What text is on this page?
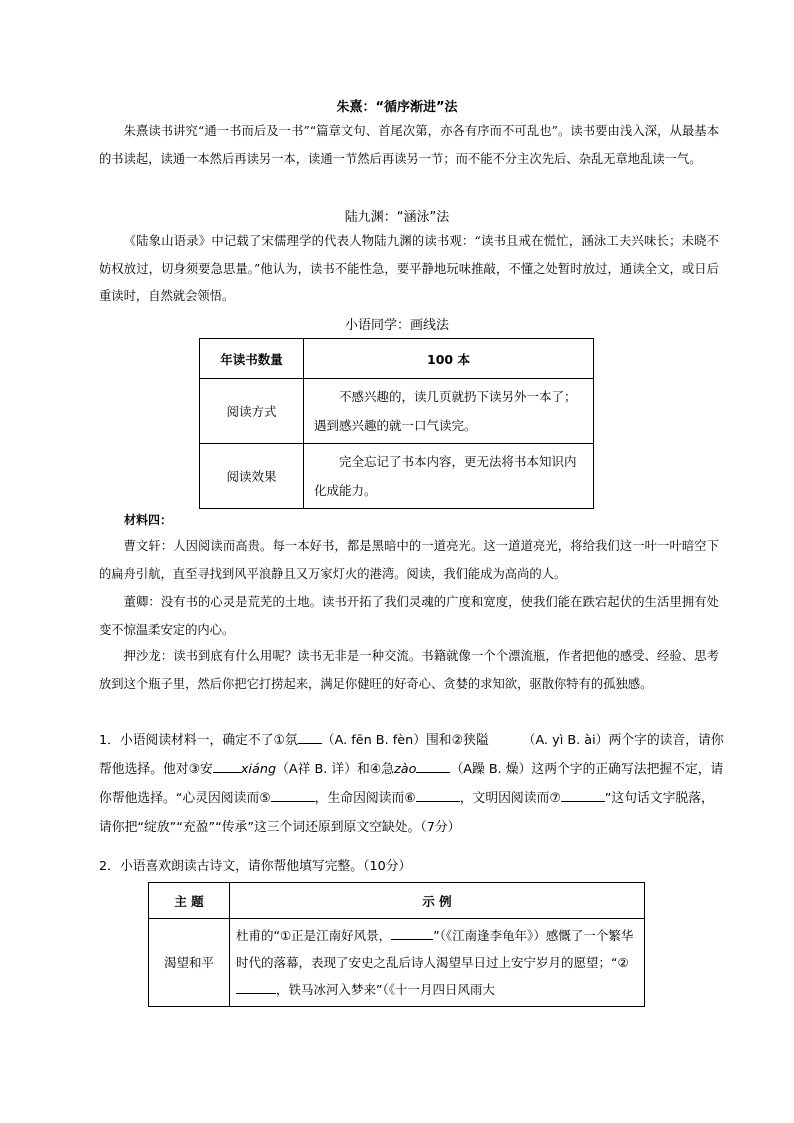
朱熹：“循序渐进”法
朱熹读书讲究“通一书而后及一书”“篇章文句、首尾次第，亦各有序而不可乱也”。读书要由浅入深，从最基本的书读起，读通一本然后再读另一本，读通一节然后再读另一节；而不能不分主次先后、杂乱无章地乱读一气。
陆九渊：“涵泳”法
《陆象山语录》中记载了宋儒理学的代表人物陆九渊的读书观：“读书且戒在慌忙，涵泳工夫兴味长；未晓不妨权放过，切身须要急思量。”他认为，读书不能性急，要平静地玩味推敲，不懂之处暂时放过，通读全文，或日后重读时，自然就会领悟。
小语同学：画线法
年读书数量	100 本
阅读方式	不感兴趣的，读几页就扔下读另外一本了；遇到感兴趣的就一口气读完。
阅读效果	完全忘记了书本内容，更无法将书本知识内化成能力。
材料四：
曹文轩：人因阅读而高贵。每一本好书，都是黑暗中的一道亮光。这一道道亮光，将给我们这一叶一叶暗空下的扁舟引航，直至寻找到风平浪静且又万家灯火的港湾。阅读，我们能成为高尚的人。
董卿：没有书的心灵是荒芜的土地。读书开拓了我们灵魂的广度和宽度，使我们能在跌宕起伏的生活里拥有处变不惊温柔安定的内心。
押沙龙：读书到底有什么用呢？读书无非是一种交流。书籍就像一个个漂流瓶，作者把他的感受、经验、思考放到这个瓶子里，然后你把它打捞起来，满足你健旺的好奇心、贪婪的求知欲，驱散你特有的孤独感。
1．小语阅读材料一，确定不了①氛 （A. fēn B. fèn）围和②狭隘	（A. yì B. ài）两个字的读音，请你帮他选择。他对③安 xiáng（A祥 B. 详）和④急zào	（A躁 B. 燥）这两个字的正确写法把握不定，请你帮他选择。“心灵因阅读而⑤	，生命因阅读而⑥	，文明因阅读而⑦	”这句话文字脱落，请你把“绽放”“充盈”“传承”这三个词还原到原文空缺处。（7分）
2．小语喜欢朗读古诗文，请你帮他填写完整。（10分）
主 题	示 例
渴望和平	杜甫的“①正是江南好风景， ”（《江南逢李龟年》）感慨了一个繁华时代的落幕，表现了安史之乱后诗人渴望早日过上安宁岁月的愿望；“②，铁马冰河入梦来”（《十一月四日风雨大
